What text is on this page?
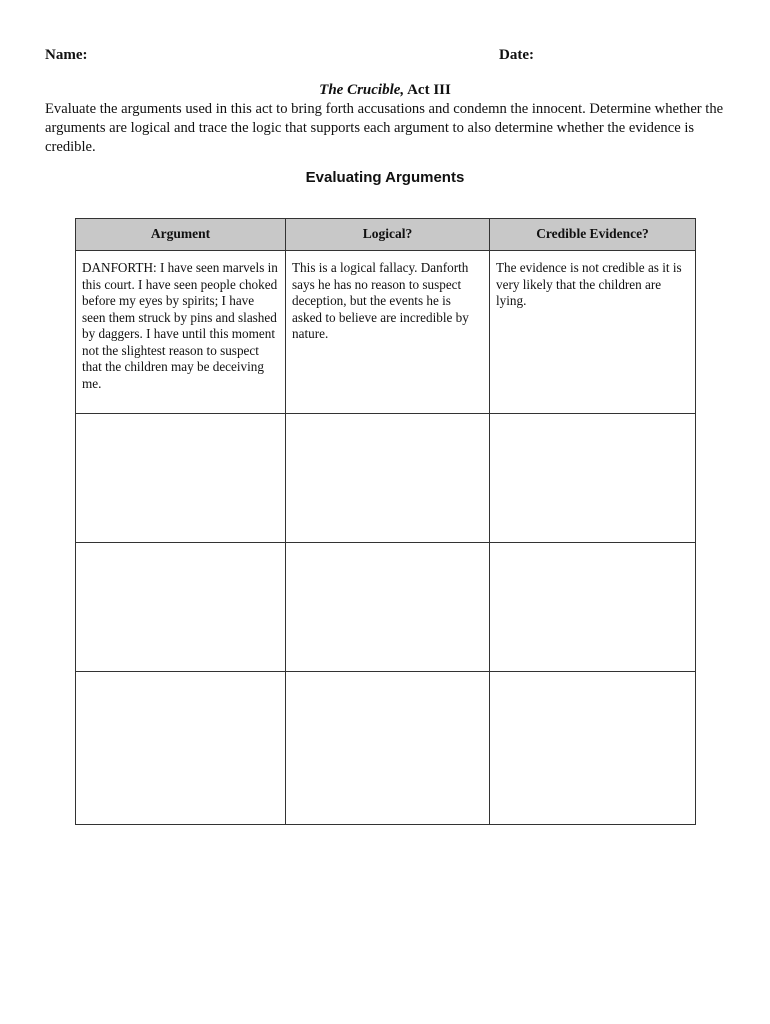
Name:	Date:
The Crucible, Act III
Evaluate the arguments used in this act to bring forth accusations and condemn the innocent. Determine whether the arguments are logical and trace the logic that supports each argument to also determine whether the evidence is credible.
Evaluating Arguments
Argument	Logical?	Credible Evidence?

DANFORTH: I have seen marvels in this court. I have seen people choked before my eyes by spirits; I have seen them struck by pins and slashed by daggers. I have until this moment not the slightest reason to suspect that the children may be deceiving me.	This is a logical fallacy. Danforth says he has no reason to suspect deception, but the events he is asked to believe are incredible by nature.	The evidence is not credible as it is very likely that the children are lying.
